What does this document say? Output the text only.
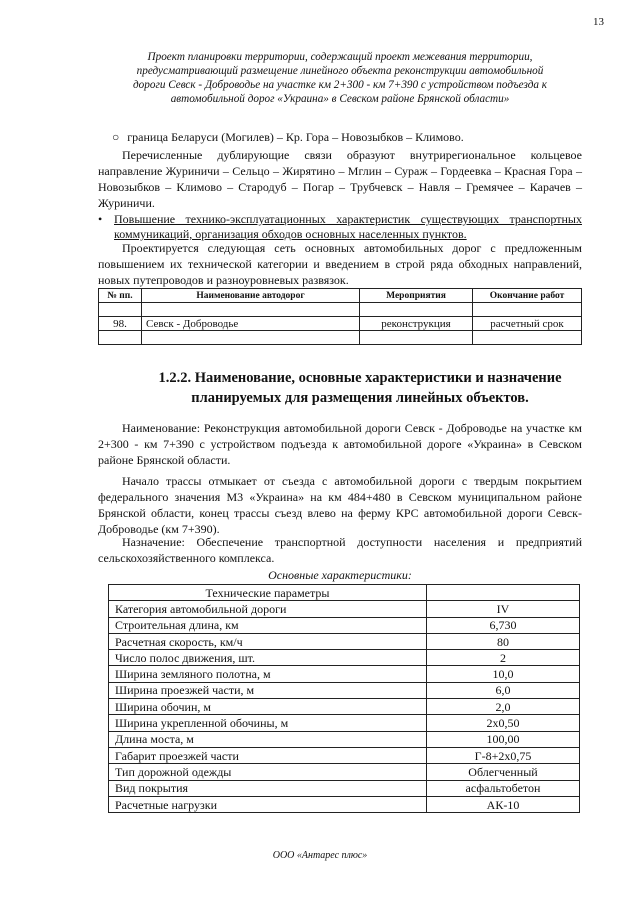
13
Проект планировки территории, содержащий проект межевания территории,
предусматривающий размещение линейного объекта реконструкции автомобильной
дороги Севск - Доброводье на участке км 2+300 - км 7+390 с устройством подъезда к
автомобильной дорог «Украина» в Севском районе Брянской области»
○ граница Беларуси (Могилев) – Кр. Гора – Новозыбков – Климово.
Перечисленные дублирующие связи образуют внутрирегиональное кольцевое направление Журиничи – Сельцо – Жирятино – Мглин – Сураж – Гордеевка – Красная Гора – Новозыбков – Климово – Стародуб – Погар – Трубчевск – Навля – Гремячее – Карачев – Журиничи.
• Повышение технико-эксплуатационных характеристик существующих транспортных коммуникаций, организация обходов основных населенных пунктов.
Проектируется следующая сеть основных автомобильных дорог с предложенным повышением их технической категории и введением в строй ряда обходных направлений, новых путепроводов и разноуровневых развязок.
№ пп.	Наименование автодорог	Мероприятия	Окончание работ

98.	Севск - Доброводье	реконструкция	расчетный срок

1.2.2. Наименование, основные характеристики и назначение
планируемых для размещения линейных объектов.
Наименование: Реконструкция автомобильной дороги Севск - Доброводье на участке км 2+300 - км 7+390 с устройством подъезда к автомобильной дороге «Украина» в Севском районе Брянской области.
Начало трассы отмыкает от съезда с автомобильной дороги с твердым покрытием федерального значения М3 «Украина» на км 484+480 в Севском муниципальном районе Брянской области, конец трассы съезд влево на ферму КРС автомобильной дороги Севск-Доброводье (км 7+390).
Назначение: Обеспечение транспортной доступности населения и предприятий сельскохозяйственного комплекса.
Основные характеристики:
Технические параметры	
Категория автомобильной дороги	IV
Строительная длина, км	6,730
Расчетная скорость, км/ч	80
Число полос движения, шт.	2
Ширина земляного полотна, м	10,0
Ширина проезжей части, м	6,0
Ширина обочин, м	2,0
Ширина укрепленной обочины, м	2х0,50
Длина моста, м	100,00
Габарит проезжей части	Г-8+2х0,75
Тип дорожной одежды	Облегченный
Вид покрытия	асфальтобетон
Расчетные нагрузки	АК-10
ООО «Антарес плюс»
